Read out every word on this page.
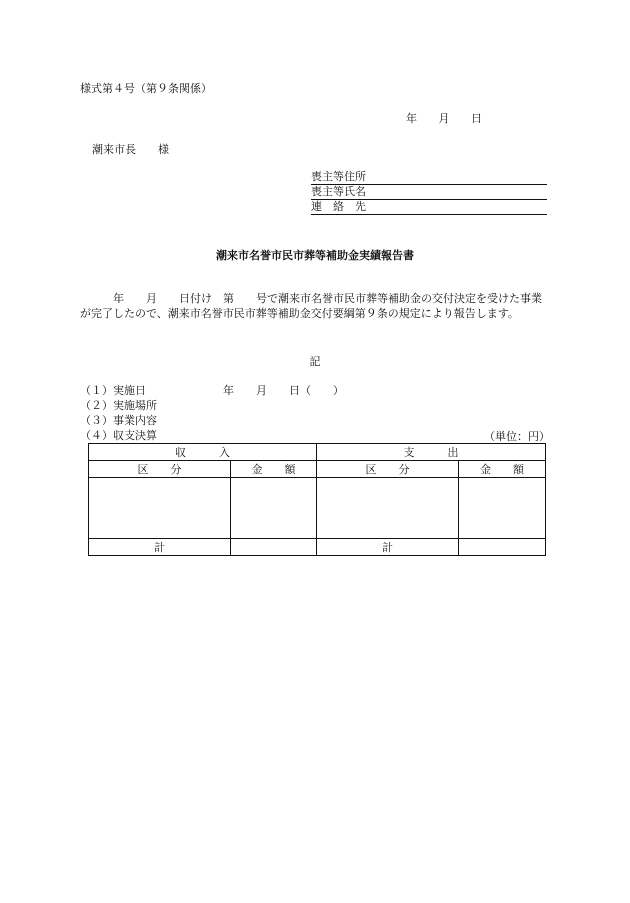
様式第４号（第９条関係）
年 月 日
潮来市長 様
喪主等住所
喪主等氏名
連　絡　先
潮来市名誉市民市葬等補助金実績報告書
　　　年　　月　　日付け　第　　号で潮来市名誉市民市葬等補助金の交付決定を受けた事業が完了したので、潮来市名誉市民市葬等補助金交付要綱第９条の規定により報告します。
記
（１）実施日　　　　　　　年　　月　　日（　　）
（２）実施場所
（３）事業内容
（４）収支決算	（単位：円）
収　　　入		支　　　出	
区　　分	金　　額	区　　分	金　　額

計		計	
